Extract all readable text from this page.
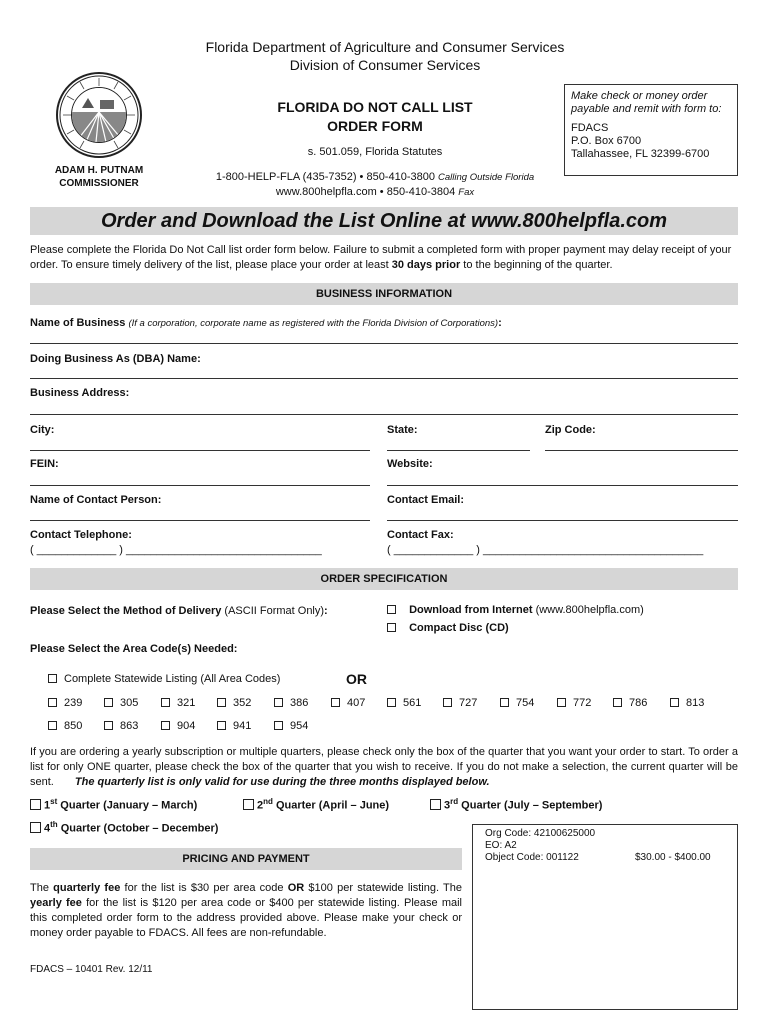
Florida Department of Agriculture and Consumer Services
Division of Consumer Services
ADAM H. PUTNAM
COMMISSIONER
FLORIDA DO NOT CALL LIST
ORDER FORM
s. 501.059, Florida Statutes
1-800-HELP-FLA (435-7352) • 850-410-3800 Calling Outside Florida
www.800helpfla.com • 850-410-3804 Fax
Make check or money order payable and remit with form to:
FDACS
P.O. Box 6700
Tallahassee, FL 32399-6700
Order and Download the List Online at www.800helpfla.com
Please complete the Florida Do Not Call list order form below. Failure to submit a completed form with proper payment may delay receipt of your order. To ensure timely delivery of the list, please place your order at least 30 days prior to the beginning of the quarter.
BUSINESS INFORMATION
Name of Business (If a corporation, corporate name as registered with the Florida Division of Corporations):
Doing Business As (DBA) Name:
Business Address:
City:	State:	Zip Code:
FEIN:	Website:
Name of Contact Person:	Contact Email:
Contact Telephone:
( _____________ ) ________________________________
Contact Fax:
( _____________ ) ____________________________________
ORDER SPECIFICATION
Please Select the Method of Delivery (ASCII Format Only):	Download from Internet (www.800helpfla.com)
Compact Disc (CD)
Please Select the Area Code(s) Needed:
Complete Statewide Listing (All Area Codes)	OR
239	305	321	352	386	407	561	727	754	772	786	813
850	863	904	941	954
If you are ordering a yearly subscription or multiple quarters, please check only the box of the quarter that you want your order to start. To order a list for only ONE quarter, please check the box of the quarter that you wish to receive. If you do not make a selection, the current quarter will be sent. The quarterly list is only valid for use during the three months displayed below.
1st Quarter (January – March)	2nd Quarter (April – June)	3rd Quarter (July – September)
4th Quarter (October – December)
PRICING AND PAYMENT
The quarterly fee for the list is $30 per area code OR $100 per statewide listing. The yearly fee for the list is $120 per area code or $400 per statewide listing. Please mail this completed order form to the address provided above. Please make your check or money order payable to FDACS. All fees are non-refundable.
Org Code: 42100625000
EO: A2
Object Code: 001122	$30.00 - $400.00
FDACS – 10401 Rev. 12/11
